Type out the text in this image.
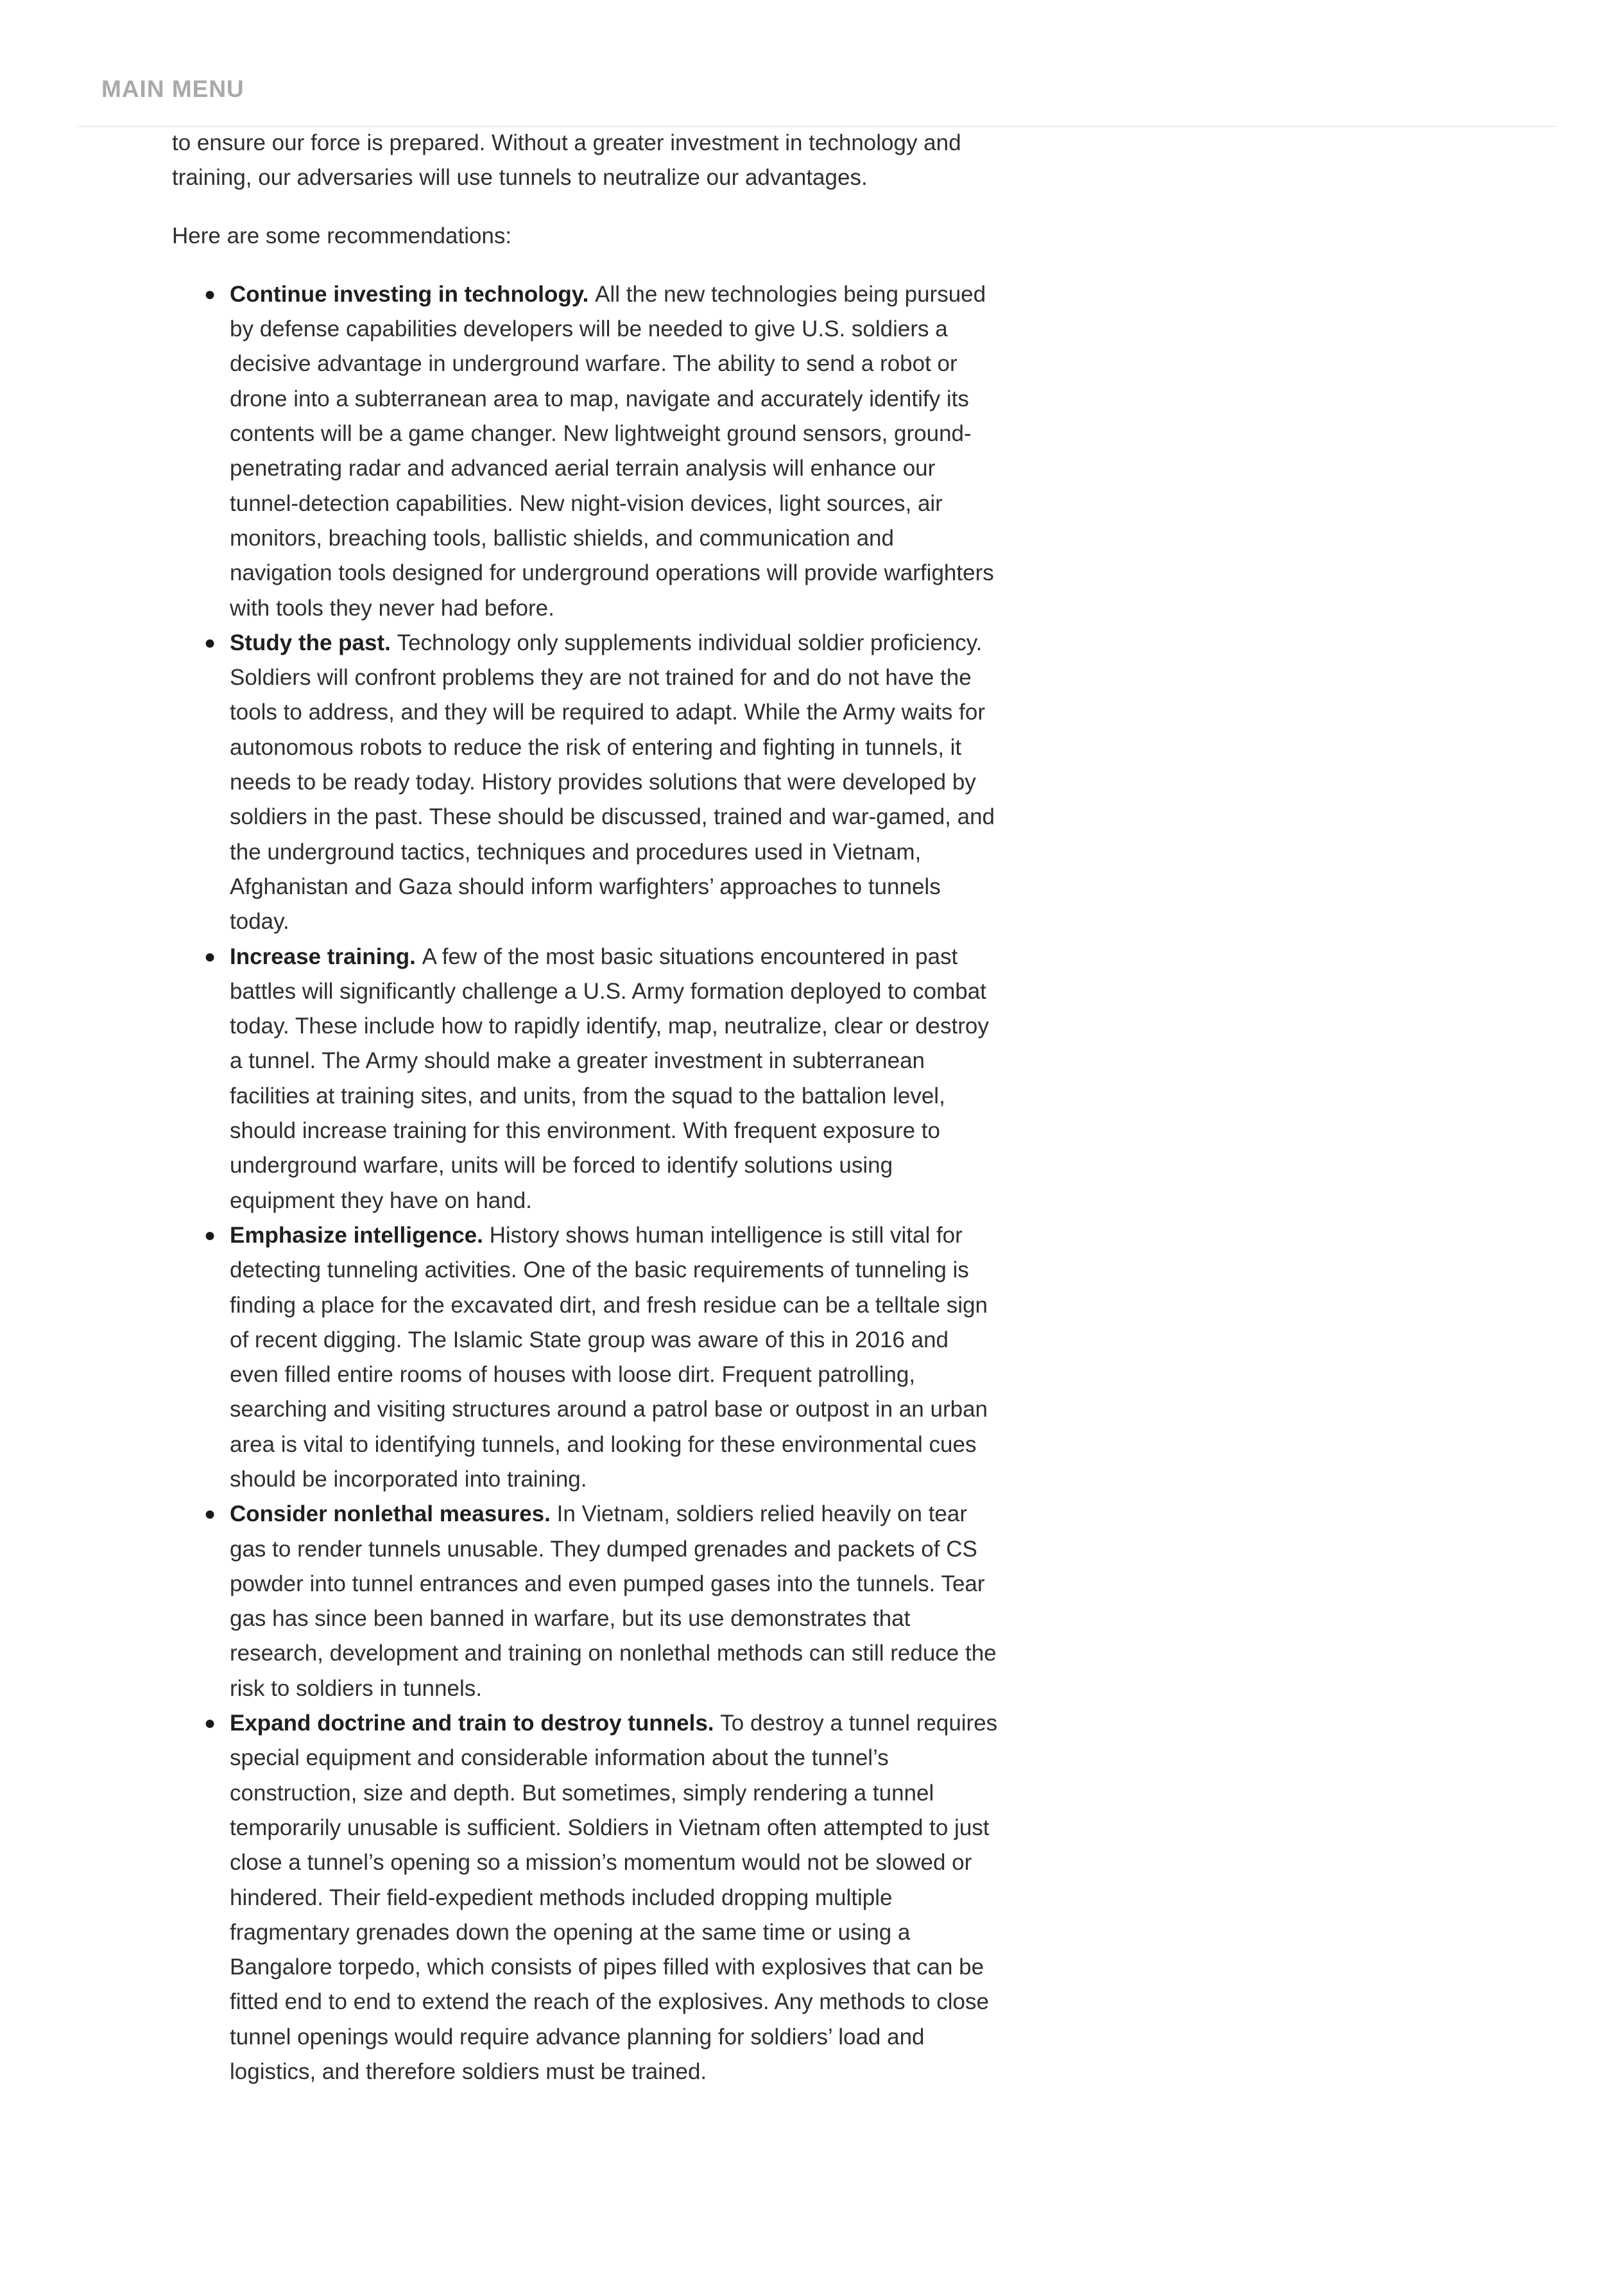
MAIN MENU

to ensure our force is prepared. Without a greater investment in technology and training, our adversaries will use tunnels to neutralize our advantages.

Here are some recommendations:

● Continue investing in technology. All the new technologies being pursued by defense capabilities developers will be needed to give U.S. soldiers a decisive advantage in underground warfare. The ability to send a robot or drone into a subterranean area to map, navigate and accurately identify its contents will be a game changer. New lightweight ground sensors, ground-penetrating radar and advanced aerial terrain analysis will enhance our tunnel-detection capabilities. New night-vision devices, light sources, air monitors, breaching tools, ballistic shields, and communication and navigation tools designed for underground operations will provide warfighters with tools they never had before.
● Study the past. Technology only supplements individual soldier proficiency. Soldiers will confront problems they are not trained for and do not have the tools to address, and they will be required to adapt. While the Army waits for autonomous robots to reduce the risk of entering and fighting in tunnels, it needs to be ready today. History provides solutions that were developed by soldiers in the past. These should be discussed, trained and war-gamed, and the underground tactics, techniques and procedures used in Vietnam, Afghanistan and Gaza should inform warfighters’ approaches to tunnels today.
● Increase training. A few of the most basic situations encountered in past battles will significantly challenge a U.S. Army formation deployed to combat today. These include how to rapidly identify, map, neutralize, clear or destroy a tunnel. The Army should make a greater investment in subterranean facilities at training sites, and units, from the squad to the battalion level, should increase training for this environment. With frequent exposure to underground warfare, units will be forced to identify solutions using equipment they have on hand.
● Emphasize intelligence. History shows human intelligence is still vital for detecting tunneling activities. One of the basic requirements of tunneling is finding a place for the excavated dirt, and fresh residue can be a telltale sign of recent digging. The Islamic State group was aware of this in 2016 and even filled entire rooms of houses with loose dirt. Frequent patrolling, searching and visiting structures around a patrol base or outpost in an urban area is vital to identifying tunnels, and looking for these environmental cues should be incorporated into training.
● Consider nonlethal measures. In Vietnam, soldiers relied heavily on tear gas to render tunnels unusable. They dumped grenades and packets of CS powder into tunnel entrances and even pumped gases into the tunnels. Tear gas has since been banned in warfare, but its use demonstrates that research, development and training on nonlethal methods can still reduce the risk to soldiers in tunnels.
● Expand doctrine and train to destroy tunnels. To destroy a tunnel requires special equipment and considerable information about the tunnel’s construction, size and depth. But sometimes, simply rendering a tunnel temporarily unusable is sufficient. Soldiers in Vietnam often attempted to just close a tunnel’s opening so a mission’s momentum would not be slowed or hindered. Their field-expedient methods included dropping multiple fragmentary grenades down the opening at the same time or using a Bangalore torpedo, which consists of pipes filled with explosives that can be fitted end to end to extend the reach of the explosives. Any methods to close tunnel openings would require advance planning for soldiers’ load and logistics, and therefore soldiers must be trained.
